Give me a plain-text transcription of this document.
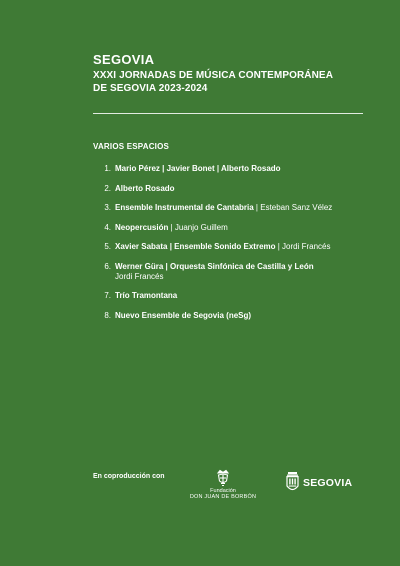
SEGOVIA

XXXI JORNADAS DE MÚSICA CONTEMPORÁNEA
DE SEGOVIA 2023-2024

VARIOS ESPACIOS

1. Mario Pérez | Javier Bonet | Alberto Rosado
2. Alberto Rosado
3. Ensemble Instrumental de Cantabria | Esteban Sanz Vélez
4. Neopercusión | Juanjo Guillem
5. Xavier Sabata | Ensemble Sonido Extremo | Jordi Francés
6. Werner Güra | Orquesta Sinfónica de Castilla y León
Jordi Francés
7. Trío Tramontana
8. Nuevo Ensemble de Segovia (neSg)

En coproducción con

Fundación
DON JUAN DE BORBÓN
SEGOVIA
